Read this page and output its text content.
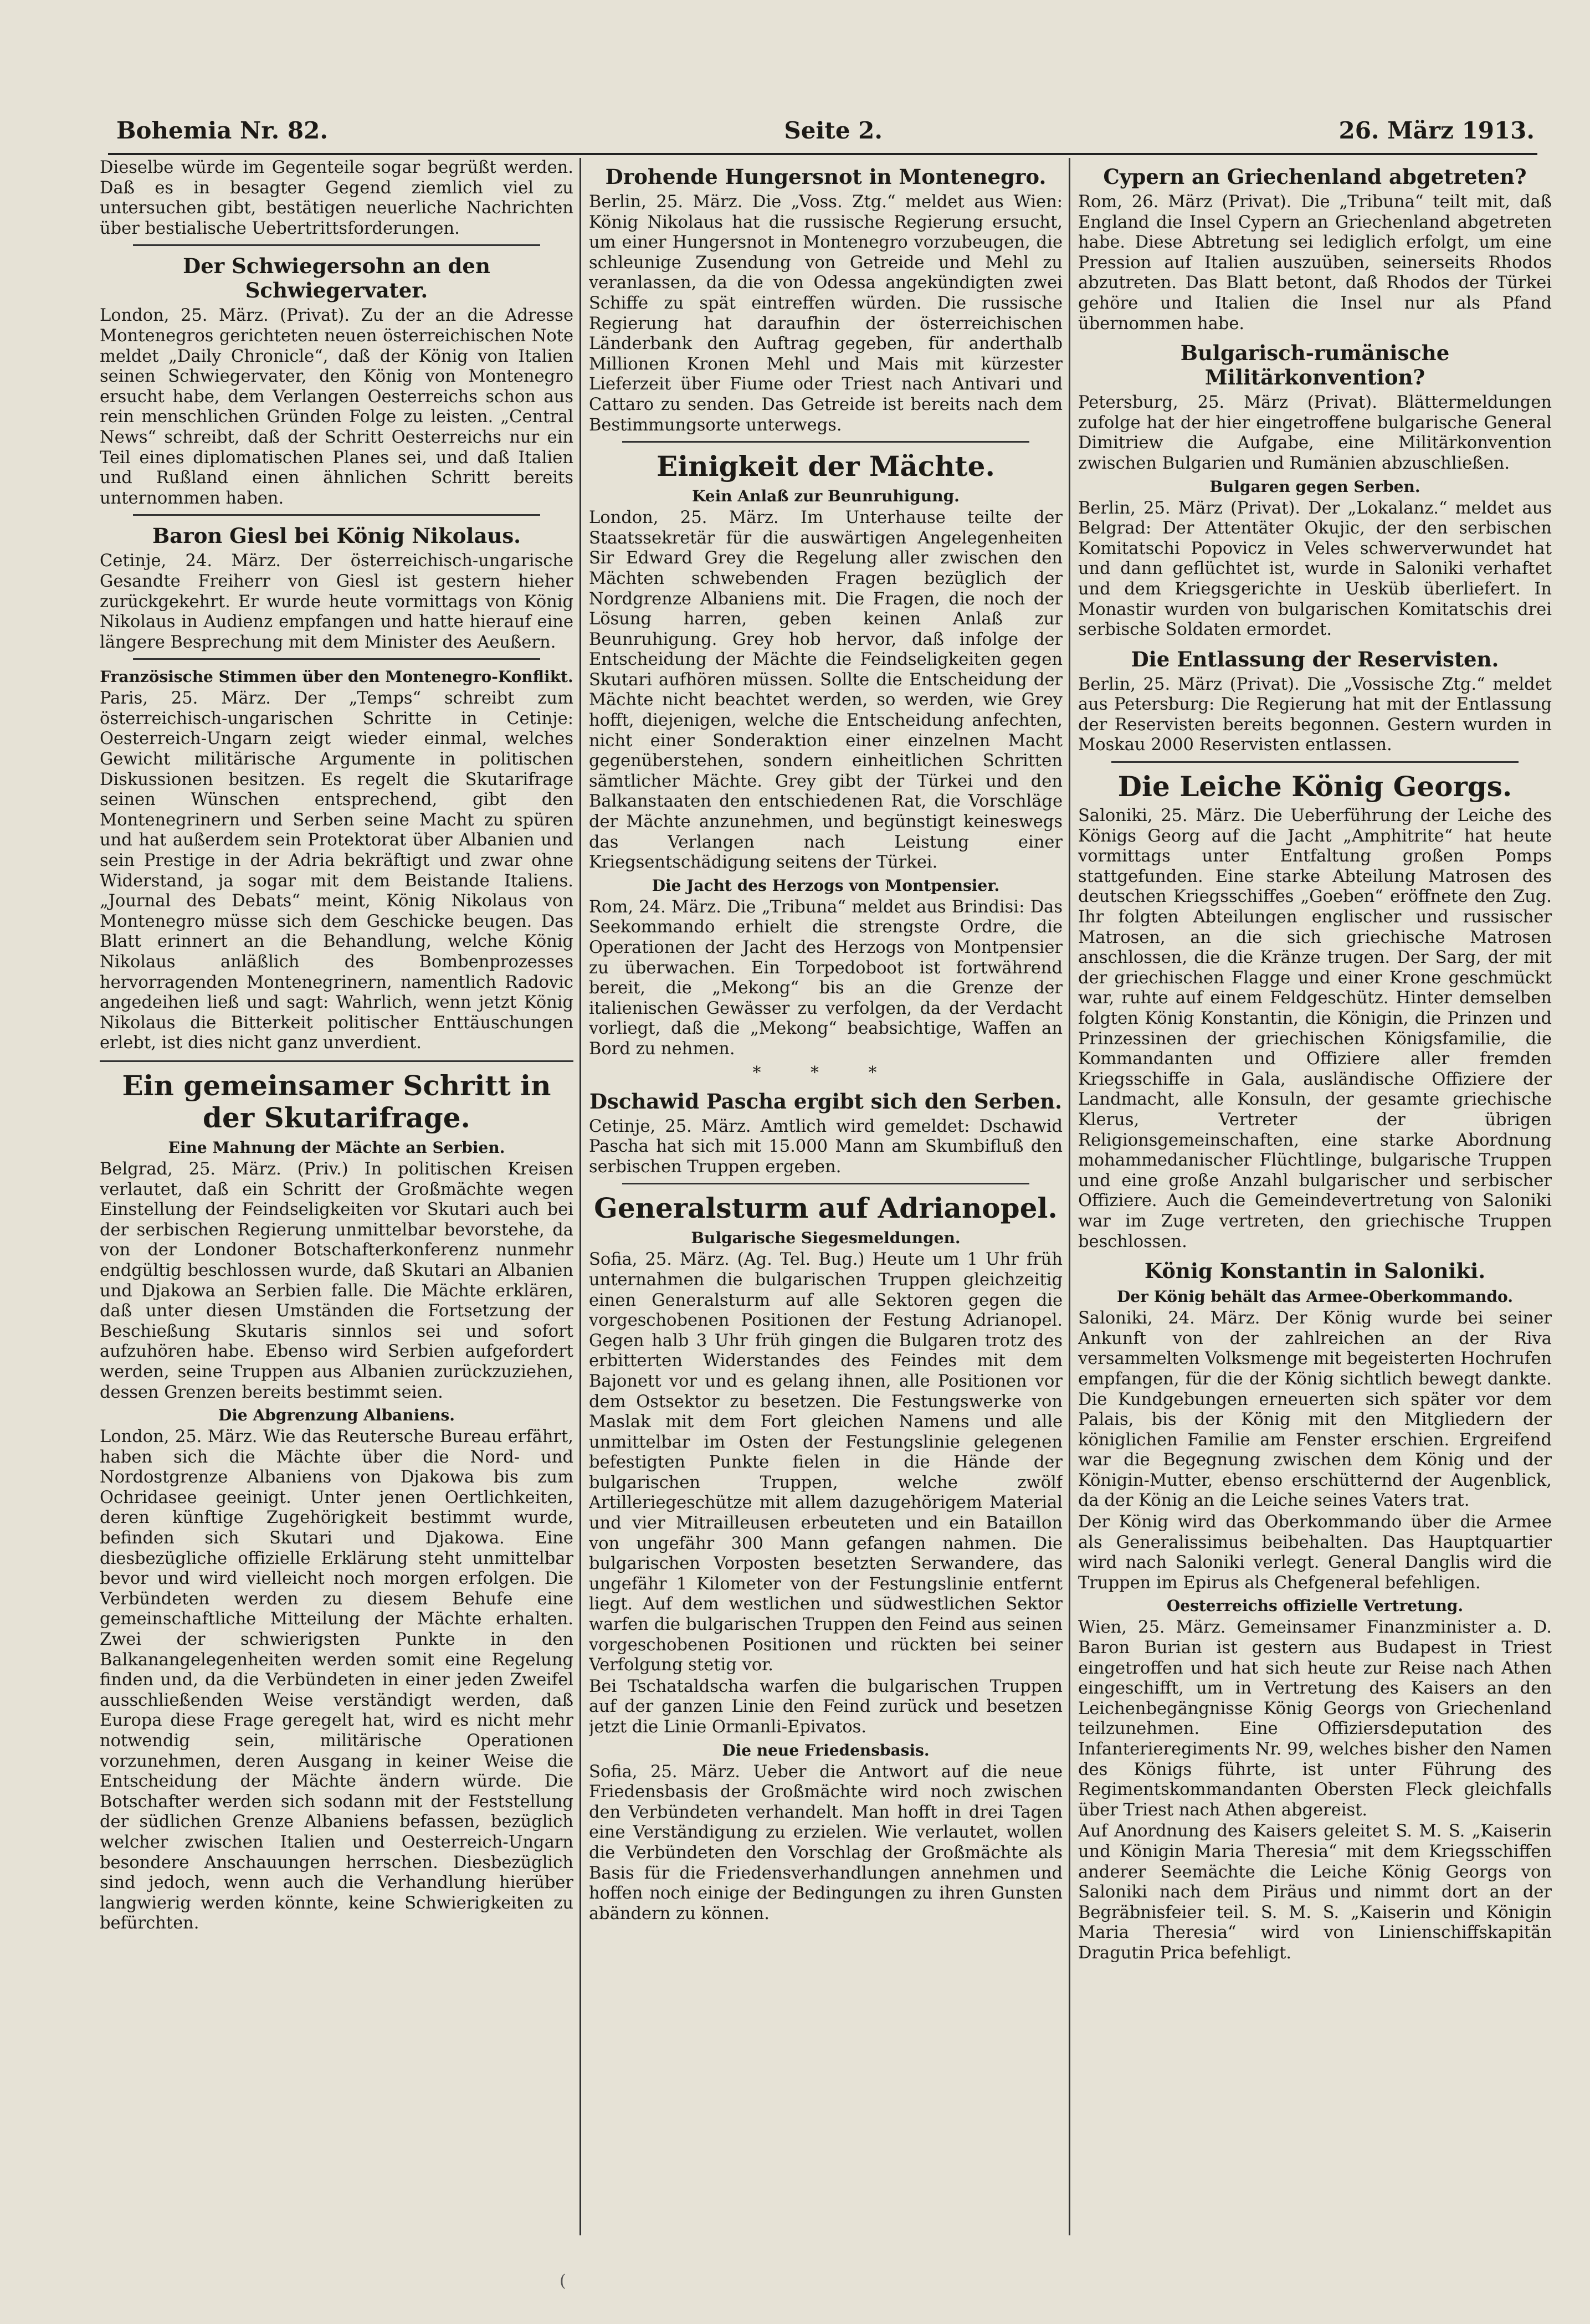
Bohemia Nr. 82.	Seite 2.	26. März 1913.

Dieselbe würde im Gegenteile sogar begrüßt werden. Daß es in besagter Gegend ziemlich viel zu untersuchen gibt, bestätigen neuerliche Nachrichten über bestialische Uebertrittsforderungen.

Der Schwiegersohn an den Schwiegervater.

London, 25. März. (Privat). Zu der an die Adresse Montenegros gerichteten neuen österreichischen Note meldet „Daily Chronicle“, daß der König von Italien seinen Schwiegervater, den König von Montenegro ersucht habe, dem Verlangen Oesterreichs schon aus rein menschlichen Gründen Folge zu leisten. „Central News“ schreibt, daß der Schritt Oesterreichs nur ein Teil eines diplomatischen Planes sei, und daß Italien und Rußland einen ähnlichen Schritt bereits unternommen haben.

Baron Giesl bei König Nikolaus.

Cetinje, 24. März. Der österreichisch-ungarische Gesandte Freiherr von Giesl ist gestern hieher zurückgekehrt. Er wurde heute vormittags von König Nikolaus in Audienz empfangen und hatte hierauf eine längere Besprechung mit dem Minister des Aeußern.

Französische Stimmen über den Montenegro-Konflikt.

Paris, 25. März. Der „Temps“ schreibt zum österreichisch-ungarischen Schritte in Cetinje: Oesterreich-Ungarn zeigt wieder einmal, welches Gewicht militärische Argumente in politischen Diskussionen besitzen. Es regelt die Skutarifrage seinen Wünschen entsprechend, gibt den Montenegrinern und Serben seine Macht zu spüren und hat außerdem sein Protektorat über Albanien und sein Prestige in der Adria bekräftigt und zwar ohne Widerstand, ja sogar mit dem Beistande Italiens. „Journal des Debats“ meint, König Nikolaus von Montenegro müsse sich dem Geschicke beugen. Das Blatt erinnert an die Behandlung, welche König Nikolaus anläßlich des Bombenprozesses hervorragenden Montenegrinern, namentlich Radovic angedeihen ließ und sagt: Wahrlich, wenn jetzt König Nikolaus die Bitterkeit politischer Enttäuschungen erlebt, ist dies nicht ganz unverdient.

Ein gemeinsamer Schritt in der Skutarifrage.
Eine Mahnung der Mächte an Serbien.

Belgrad, 25. März. (Priv.) In politischen Kreisen verlautet, daß ein Schritt der Großmächte wegen Einstellung der Feindseligkeiten vor Skutari auch bei der serbischen Regierung unmittelbar bevorstehe, da von der Londoner Botschafterkonferenz nunmehr endgültig beschlossen wurde, daß Skutari an Albanien und Djakowa an Serbien falle. Die Mächte erklären, daß unter diesen Umständen die Fortsetzung der Beschießung Skutaris sinnlos sei und sofort aufzuhören habe. Ebenso wird Serbien aufgefordert werden, seine Truppen aus Albanien zurückzuziehen, dessen Grenzen bereits bestimmt seien.

Die Abgrenzung Albaniens.

London, 25. März. Wie das Reutersche Bureau erfährt, haben sich die Mächte über die Nord- und Nordostgrenze Albaniens von Djakowa bis zum Ochridasee geeinigt. Unter jenen Oertlichkeiten, deren künftige Zugehörigkeit bestimmt wurde, befinden sich Skutari und Djakowa. Eine diesbezügliche offizielle Erklärung steht unmittelbar bevor und wird vielleicht noch morgen erfolgen. Die Verbündeten werden zu diesem Behufe eine gemeinschaftliche Mitteilung der Mächte erhalten. Zwei der schwierigsten Punkte in den Balkanangelegenheiten werden somit eine Regelung finden und, da die Verbündeten in einer jeden Zweifel ausschließenden Weise verständigt werden, daß Europa diese Frage geregelt hat, wird es nicht mehr notwendig sein, militärische Operationen vorzunehmen, deren Ausgang in keiner Weise die Entscheidung der Mächte ändern würde. Die Botschafter werden sich sodann mit der Feststellung der südlichen Grenze Albaniens befassen, bezüglich welcher zwischen Italien und Oesterreich-Ungarn besondere Anschauungen herrschen. Diesbezüglich sind jedoch, wenn auch die Verhandlung hierüber langwierig werden könnte, keine Schwierigkeiten zu befürchten.

Drohende Hungersnot in Montenegro.

Berlin, 25. März. Die „Voss. Ztg.“ meldet aus Wien: König Nikolaus hat die russische Regierung ersucht, um einer Hungersnot in Montenegro vorzubeugen, die schleunige Zusendung von Getreide und Mehl zu veranlassen, da die von Odessa angekündigten zwei Schiffe zu spät eintreffen würden. Die russische Regierung hat daraufhin der österreichischen Länderbank den Auftrag gegeben, für anderthalb Millionen Kronen Mehl und Mais mit kürzester Lieferzeit über Fiume oder Triest nach Antivari und Cattaro zu senden. Das Getreide ist bereits nach dem Bestimmungsorte unterwegs.

Einigkeit der Mächte.
Kein Anlaß zur Beunruhigung.

London, 25. März. Im Unterhause teilte der Staatssekretär für die auswärtigen Angelegenheiten Sir Edward Grey die Regelung aller zwischen den Mächten schwebenden Fragen bezüglich der Nordgrenze Albaniens mit. Die Fragen, die noch der Lösung harren, geben keinen Anlaß zur Beunruhigung. Grey hob hervor, daß infolge der Entscheidung der Mächte die Feindseligkeiten gegen Skutari aufhören müssen. Sollte die Entscheidung der Mächte nicht beachtet werden, so werden, wie Grey hofft, diejenigen, welche die Entscheidung anfechten, nicht einer Sonderaktion einer einzelnen Macht gegenüberstehen, sondern einheitlichen Schritten sämtlicher Mächte. Grey gibt der Türkei und den Balkanstaaten den entschiedenen Rat, die Vorschläge der Mächte anzunehmen, und begünstigt keineswegs das Verlangen nach Leistung einer Kriegsentschädigung seitens der Türkei.

Die Jacht des Herzogs von Montpensier.

Rom, 24. März. Die „Tribuna“ meldet aus Brindisi: Das Seekommando erhielt die strengste Ordre, die Operationen der Jacht des Herzogs von Montpensier zu überwachen. Ein Torpedoboot ist fortwährend bereit, die „Mekong“ bis an die Grenze der italienischen Gewässer zu verfolgen, da der Verdacht vorliegt, daß die „Mekong“ beabsichtige, Waffen an Bord zu nehmen.

* * *
Dschawid Pascha ergibt sich den Serben.

Cetinje, 25. März. Amtlich wird gemeldet: Dschawid Pascha hat sich mit 15.000 Mann am Skumbifluß den serbischen Truppen ergeben.

Generalsturm auf Adrianopel.
Bulgarische Siegesmeldungen.

Sofia, 25. März. (Ag. Tel. Bug.) Heute um 1 Uhr früh unternahmen die bulgarischen Truppen gleichzeitig einen Generalsturm auf alle Sektoren gegen die vorgeschobenen Positionen der Festung Adrianopel. Gegen halb 3 Uhr früh gingen die Bulgaren trotz des erbitterten Widerstandes des Feindes mit dem Bajonett vor und es gelang ihnen, alle Positionen vor dem Ostsektor zu besetzen. Die Festungswerke von Maslak mit dem Fort gleichen Namens und alle unmittelbar im Osten der Festungslinie gelegenen befestigten Punkte fielen in die Hände der bulgarischen Truppen, welche zwölf Artilleriegeschütze mit allem dazugehörigem Material und vier Mitrailleusen erbeuteten und ein Bataillon von ungefähr 300 Mann gefangen nahmen. Die bulgarischen Vorposten besetzten Serwandere, das ungefähr 1 Kilometer von der Festungslinie entfernt liegt. Auf dem westlichen und südwestlichen Sektor warfen die bulgarischen Truppen den Feind aus seinen vorgeschobenen Positionen und rückten bei seiner Verfolgung stetig vor.

Bei Tschataldscha warfen die bulgarischen Truppen auf der ganzen Linie den Feind zurück und besetzen jetzt die Linie Ormanli-Epivatos.

Die neue Friedensbasis.

Sofia, 25. März. Ueber die Antwort auf die neue Friedensbasis der Großmächte wird noch zwischen den Verbündeten verhandelt. Man hofft in drei Tagen eine Verständigung zu erzielen. Wie verlautet, wollen die Verbündeten den Vorschlag der Großmächte als Basis für die Friedensverhandlungen annehmen und hoffen noch einige der Bedingungen zu ihren Gunsten abändern zu können.

Cypern an Griechenland abgetreten?

Rom, 26. März (Privat). Die „Tribuna“ teilt mit, daß England die Insel Cypern an Griechenland abgetreten habe. Diese Abtretung sei lediglich erfolgt, um eine Pression auf Italien auszuüben, seinerseits Rhodos abzutreten. Das Blatt betont, daß Rhodos der Türkei gehöre und Italien die Insel nur als Pfand übernommen habe.

Bulgarisch-rumänische Militärkonvention?

Petersburg, 25. März (Privat). Blättermeldungen zufolge hat der hier eingetroffene bulgarische General Dimitriew die Aufgabe, eine Militärkonvention zwischen Bulgarien und Rumänien abzuschließen.

Bulgaren gegen Serben.

Berlin, 25. März (Privat). Der „Lokalanz.“ meldet aus Belgrad: Der Attentäter Okujic, der den serbischen Komitatschi Popovicz in Veles schwerverwundet hat und dann geflüchtet ist, wurde in Saloniki verhaftet und dem Kriegsgerichte in Uesküb überliefert. In Monastir wurden von bulgarischen Komitatschis drei serbische Soldaten ermordet.

Die Entlassung der Reservisten.

Berlin, 25. März (Privat). Die „Vossische Ztg.“ meldet aus Petersburg: Die Regierung hat mit der Entlassung der Reservisten bereits begonnen. Gestern wurden in Moskau 2000 Reservisten entlassen.

Die Leiche König Georgs.

Saloniki, 25. März. Die Ueberführung der Leiche des Königs Georg auf die Jacht „Amphitrite“ hat heute vormittags unter Entfaltung großen Pomps stattgefunden. Eine starke Abteilung Matrosen des deutschen Kriegsschiffes „Goeben“ eröffnete den Zug. Ihr folgten Abteilungen englischer und russischer Matrosen, an die sich griechische Matrosen anschlossen, die die Kränze trugen. Der Sarg, der mit der griechischen Flagge und einer Krone geschmückt war, ruhte auf einem Feldgeschütz. Hinter demselben folgten König Konstantin, die Königin, die Prinzen und Prinzessinen der griechischen Königsfamilie, die Kommandanten und Offiziere aller fremden Kriegsschiffe in Gala, ausländische Offiziere der Landmacht, alle Konsuln, der gesamte griechische Klerus, Vertreter der übrigen Religionsgemeinschaften, eine starke Abordnung mohammedanischer Flüchtlinge, bulgarische Truppen und eine große Anzahl bulgarischer und serbischer Offiziere. Auch die Gemeindevertretung von Saloniki war im Zuge vertreten, den griechische Truppen beschlossen.

König Konstantin in Saloniki.
Der König behält das Armee-Oberkommando.

Saloniki, 24. März. Der König wurde bei seiner Ankunft von der zahlreichen an der Riva versammelten Volksmenge mit begeisterten Hochrufen empfangen, für die der König sichtlich bewegt dankte. Die Kundgebungen erneuerten sich später vor dem Palais, bis der König mit den Mitgliedern der königlichen Familie am Fenster erschien. Ergreifend war die Begegnung zwischen dem König und der Königin-Mutter, ebenso erschütternd der Augenblick, da der König an die Leiche seines Vaters trat.

Der König wird das Oberkommando über die Armee als Generalissimus beibehalten. Das Hauptquartier wird nach Saloniki verlegt. General Danglis wird die Truppen im Epirus als Chefgeneral befehligen.

Oesterreichs offizielle Vertretung.

Wien, 25. März. Gemeinsamer Finanzminister a. D. Baron Burian ist gestern aus Budapest in Triest eingetroffen und hat sich heute zur Reise nach Athen eingeschifft, um in Vertretung des Kaisers an den Leichenbegängnisse König Georgs von Griechenland teilzunehmen. Eine Offiziersdeputation des Infanterieregiments Nr. 99, welches bisher den Namen des Königs führte, ist unter Führung des Regimentskommandanten Obersten Fleck gleichfalls über Triest nach Athen abgereist.

Auf Anordnung des Kaisers geleitet S. M. S. „Kaiserin und Königin Maria Theresia“ mit dem Kriegsschiffen anderer Seemächte die Leiche König Georgs von Saloniki nach dem Piräus und nimmt dort an der Begräbnisfeier teil. S. M. S. „Kaiserin und Königin Maria Theresia“ wird von Linienschiffskapitän Dragutin Prica befehligt.

(
